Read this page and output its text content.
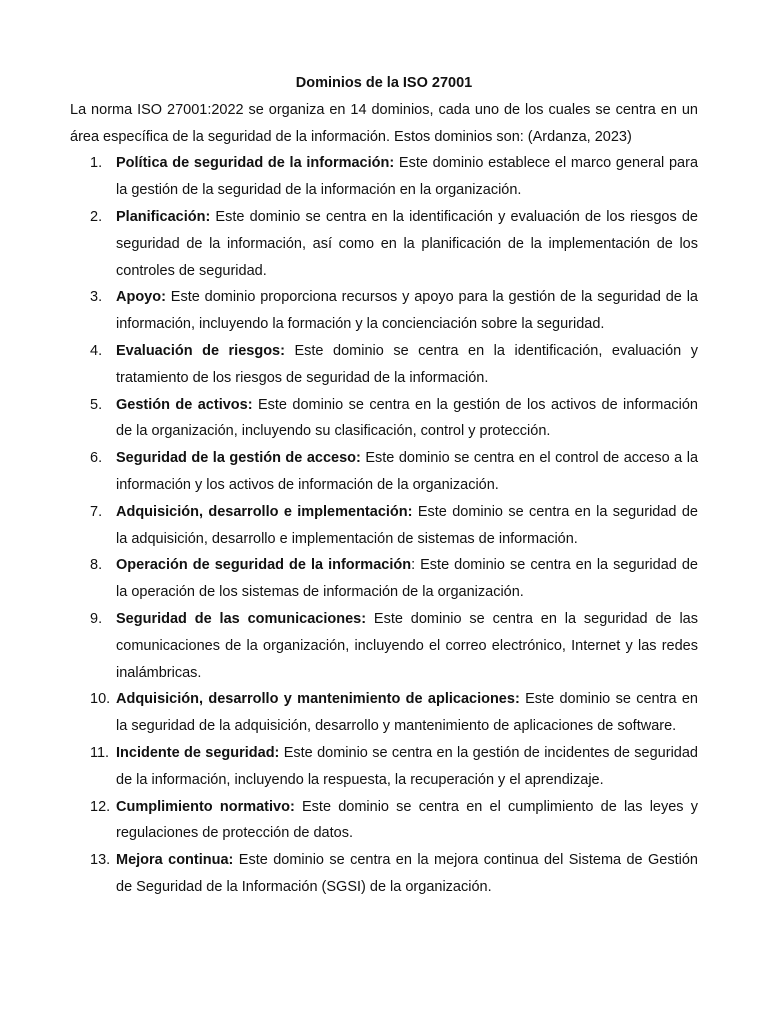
Dominios de la ISO 27001

La norma ISO 27001:2022 se organiza en 14 dominios, cada uno de los cuales se centra en un área específica de la seguridad de la información. Estos dominios son: (Ardanza, 2023)

1. Política de seguridad de la información: Este dominio establece el marco general para la gestión de la seguridad de la información en la organización.
2. Planificación: Este dominio se centra en la identificación y evaluación de los riesgos de seguridad de la información, así como en la planificación de la implementación de los controles de seguridad.
3. Apoyo: Este dominio proporciona recursos y apoyo para la gestión de la seguridad de la información, incluyendo la formación y la concienciación sobre la seguridad.
4. Evaluación de riesgos: Este dominio se centra en la identificación, evaluación y tratamiento de los riesgos de seguridad de la información.
5. Gestión de activos: Este dominio se centra en la gestión de los activos de información de la organización, incluyendo su clasificación, control y protección.
6. Seguridad de la gestión de acceso: Este dominio se centra en el control de acceso a la información y los activos de información de la organización.
7. Adquisición, desarrollo e implementación: Este dominio se centra en la seguridad de la adquisición, desarrollo e implementación de sistemas de información.
8. Operación de seguridad de la información: Este dominio se centra en la seguridad de la operación de los sistemas de información de la organización.
9. Seguridad de las comunicaciones: Este dominio se centra en la seguridad de las comunicaciones de la organización, incluyendo el correo electrónico, Internet y las redes inalámbricas.
10. Adquisición, desarrollo y mantenimiento de aplicaciones: Este dominio se centra en la seguridad de la adquisición, desarrollo y mantenimiento de aplicaciones de software.
11. Incidente de seguridad: Este dominio se centra en la gestión de incidentes de seguridad de la información, incluyendo la respuesta, la recuperación y el aprendizaje.
12. Cumplimiento normativo: Este dominio se centra en el cumplimiento de las leyes y regulaciones de protección de datos.
13. Mejora continua: Este dominio se centra en la mejora continua del Sistema de Gestión de Seguridad de la Información (SGSI) de la organización.
